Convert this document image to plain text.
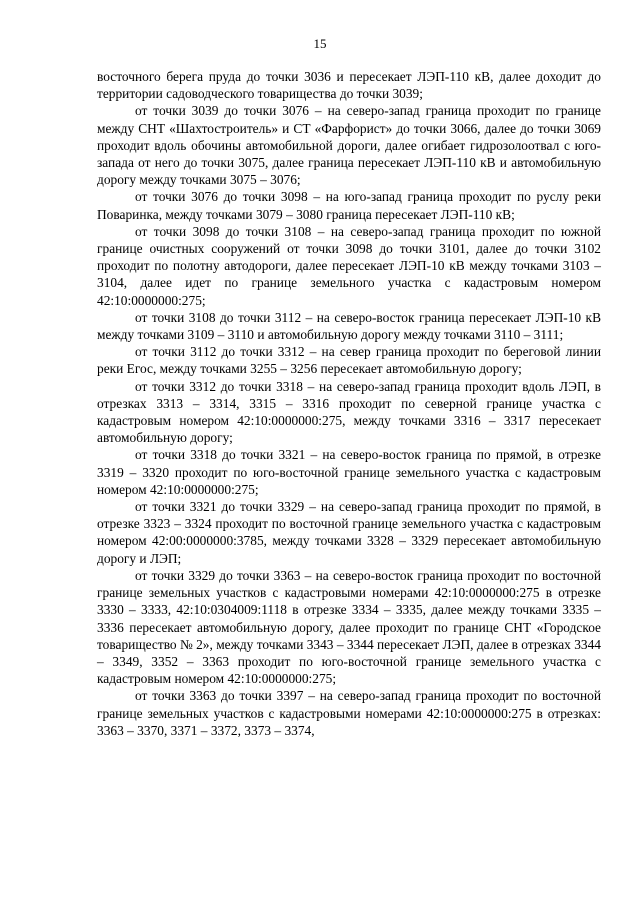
15

восточного берега пруда до точки 3036 и пересекает ЛЭП-110 кВ, далее доходит до территории садоводческого товарищества до точки 3039;

от точки 3039 до точки 3076 – на северо-запад граница проходит по границе между СНТ «Шахтостроитель» и СТ «Фарфорист» до точки 3066, далее до точки 3069 проходит вдоль обочины автомобильной дороги, далее огибает гидрозолоотвал с юго-запада от него до точки 3075, далее граница пересекает ЛЭП-110 кВ и автомобильную дорогу между точками 3075 – 3076;

от точки 3076 до точки 3098 – на юго-запад граница проходит по руслу реки Поваринка, между точками 3079 – 3080 граница пересекает ЛЭП-110 кВ;

от точки 3098 до точки 3108 – на северо-запад граница проходит по южной границе очистных сооружений от точки 3098 до точки 3101, далее до точки 3102 проходит по полотну автодороги, далее пересекает ЛЭП-10 кВ между точками 3103 – 3104, далее идет по границе земельного участка с кадастровым номером 42:10:0000000:275;

от точки 3108 до точки 3112 – на северо-восток граница пересекает ЛЭП-10 кВ между точками 3109 – 3110 и автомобильную дорогу между точками 3110 – 3111;

от точки 3112 до точки 3312 – на север граница проходит по береговой линии реки Егос, между точками 3255 – 3256 пересекает автомобильную дорогу;

от точки 3312 до точки 3318 – на северо-запад граница проходит вдоль ЛЭП, в отрезках 3313 – 3314, 3315 – 3316 проходит по северной границе участка с кадастровым номером 42:10:0000000:275, между точками 3316 – 3317 пересекает автомобильную дорогу;

от точки 3318 до точки 3321 – на северо-восток граница по прямой, в отрезке 3319 – 3320 проходит по юго-восточной границе земельного участка с кадастровым номером 42:10:0000000:275;

от точки 3321 до точки 3329 – на северо-запад граница проходит по прямой, в отрезке 3323 – 3324 проходит по восточной границе земельного участка с кадастровым номером 42:00:0000000:3785, между точками 3328 – 3329 пересекает автомобильную дорогу и ЛЭП;

от точки 3329 до точки 3363 – на северо-восток граница проходит по восточной границе земельных участков с кадастровыми номерами 42:10:0000000:275 в отрезке 3330 – 3333, 42:10:0304009:1118 в отрезке 3334 – 3335, далее между точками 3335 – 3336 пересекает автомобильную дорогу, далее проходит по границе СНТ «Городское товарищество № 2», между точками 3343 – 3344 пересекает ЛЭП, далее в отрезках 3344 – 3349, 3352 – 3363 проходит по юго-восточной границе земельного участка с кадастровым номером 42:10:0000000:275;

от точки 3363 до точки 3397 – на северо-запад граница проходит по восточной границе земельных участков с кадастровыми номерами 42:10:0000000:275 в отрезках: 3363 – 3370, 3371 – 3372, 3373 – 3374,
